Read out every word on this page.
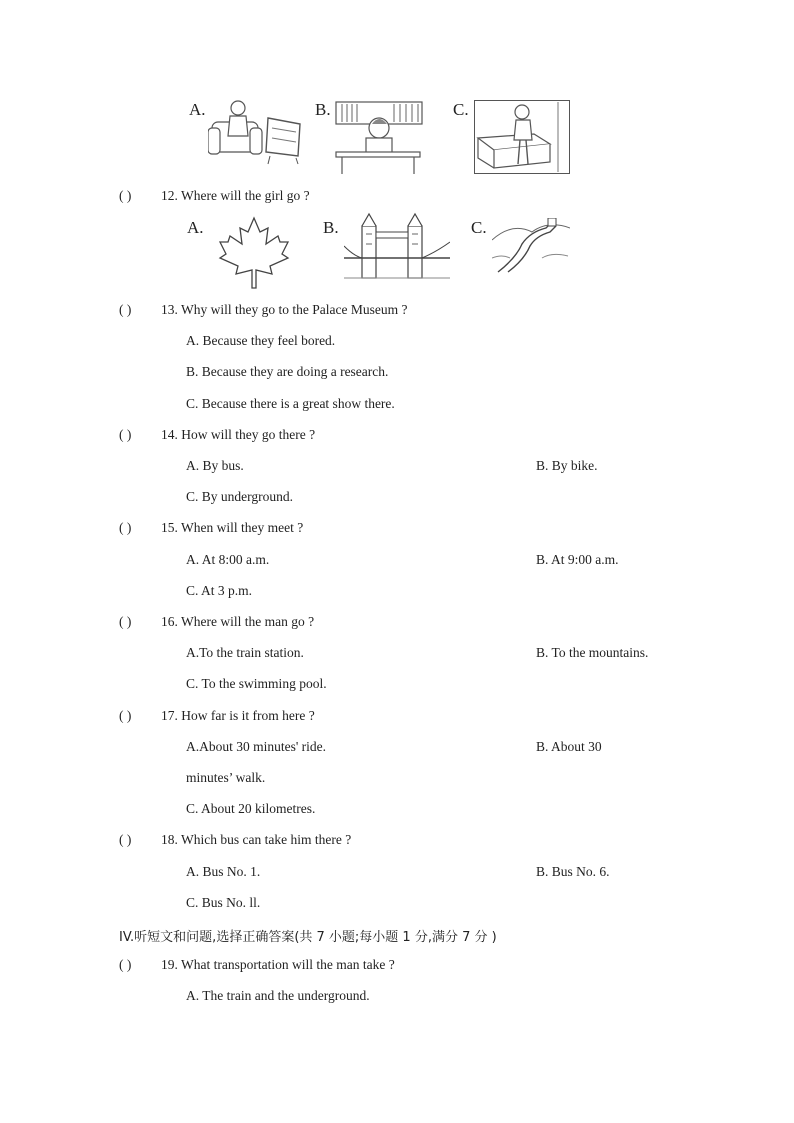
A.	B.	C.
( ) 12. Where will the girl go ?
A.	B.	C.
( ) 13. Why will they go to the Palace Museum ?
A. Because they feel bored.
B. Because they are doing a research.
C. Because there is a great show there.
( ) 14. How will they go there ?
A. By bus.	B. By bike.
C. By underground.
( ) 15. When will they meet ?
A. At 8:00 a.m.	B. At 9:00 a.m.
C. At 3 p.m.
( ) 16. Where will the man go ?
A.To the train station.	B. To the mountains.
C. To the swimming pool.
( ) 17. How far is it from here ?
A.About 30 minutes' ride.	B. About 30
minutes’ walk.
C. About 20 kilometres.
( ) 18. Which bus can take him there ?
A. Bus No. 1.	B. Bus No. 6.
C. Bus No. ll.
IV.听短文和问题,选择正确答案(共 7 小题;每小题 1 分,满分 7 分 )
( ) 19. What transportation will the man take ?
A. The train and the underground.
